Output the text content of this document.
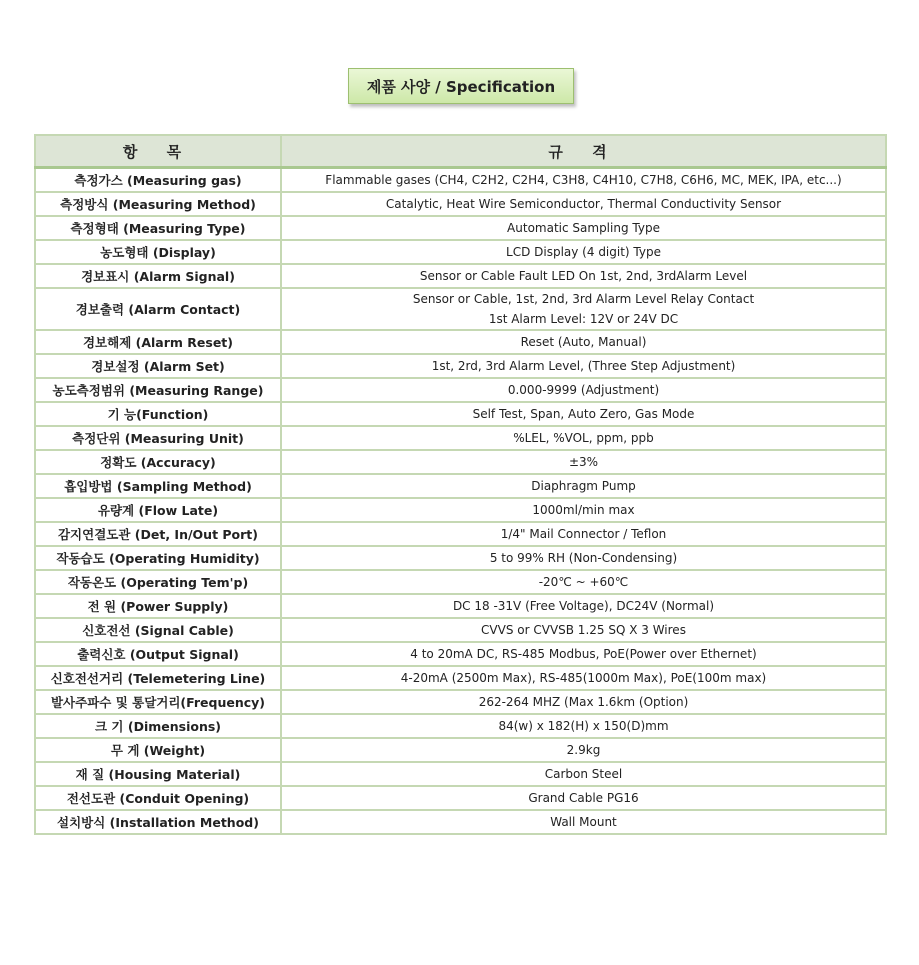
제품 사양 / Specification
항 목	규 격
측정가스 (Measuring gas)	Flammable gases (CH4, C2H2, C2H4, C3H8, C4H10, C7H8, C6H6, MC, MEK, IPA, etc...)

측정방식 (Measuring Method)	Catalytic, Heat Wire Semiconductor, Thermal Conductivity Sensor

측정형태 (Measuring Type)	Automatic Sampling Type

농도형태 (Display)	LCD Display (4 digit) Type

경보표시 (Alarm Signal)	Sensor or Cable Fault LED On 1st, 2nd, 3rdAlarm Level

경보출력 (Alarm Contact)	Sensor or Cable, 1st, 2nd, 3rd Alarm Level Relay Contact
1st Alarm Level: 12V or 24V DC

경보해제 (Alarm Reset)	Reset (Auto, Manual)

경보설정 (Alarm Set)	1st, 2rd, 3rd Alarm Level, (Three Step Adjustment)

농도측정범위 (Measuring Range)	0.000-9999 (Adjustment)

기 능(Function)	Self Test, Span, Auto Zero, Gas Mode

측정단위 (Measuring Unit)	%LEL, %VOL, ppm, ppb

정확도 (Accuracy)	±3%

흡입방법 (Sampling Method)	Diaphragm Pump

유량계 (Flow Late)	1000ml/min max

감지연결도관 (Det, In/Out Port)	1/4" Mail Connector / Teflon

작동습도 (Operating Humidity)	5 to 99% RH (Non-Condensing)

작동온도 (Operating Tem'p)	-20℃ ~ +60℃

전 원 (Power Supply)	DC 18 -31V (Free Voltage), DC24V (Normal)

신호전선 (Signal Cable)	CVVS or CVVSB 1.25 SQ X 3 Wires

출력신호 (Output Signal)	4 to 20mA DC, RS-485 Modbus, PoE(Power over Ethernet)

신호전선거리 (Telemetering Line)	4-20mA (2500m Max), RS-485(1000m Max), PoE(100m max)

발사주파수 및 통달거리(Frequency)	262-264 MHZ (Max 1.6km (Option)

크 기 (Dimensions)	84(w) x 182(H) x 150(D)mm

무 게 (Weight)	2.9kg

재 질 (Housing Material)	Carbon Steel

전선도관 (Conduit Opening)	Grand Cable PG16

설치방식 (Installation Method)	Wall Mount
